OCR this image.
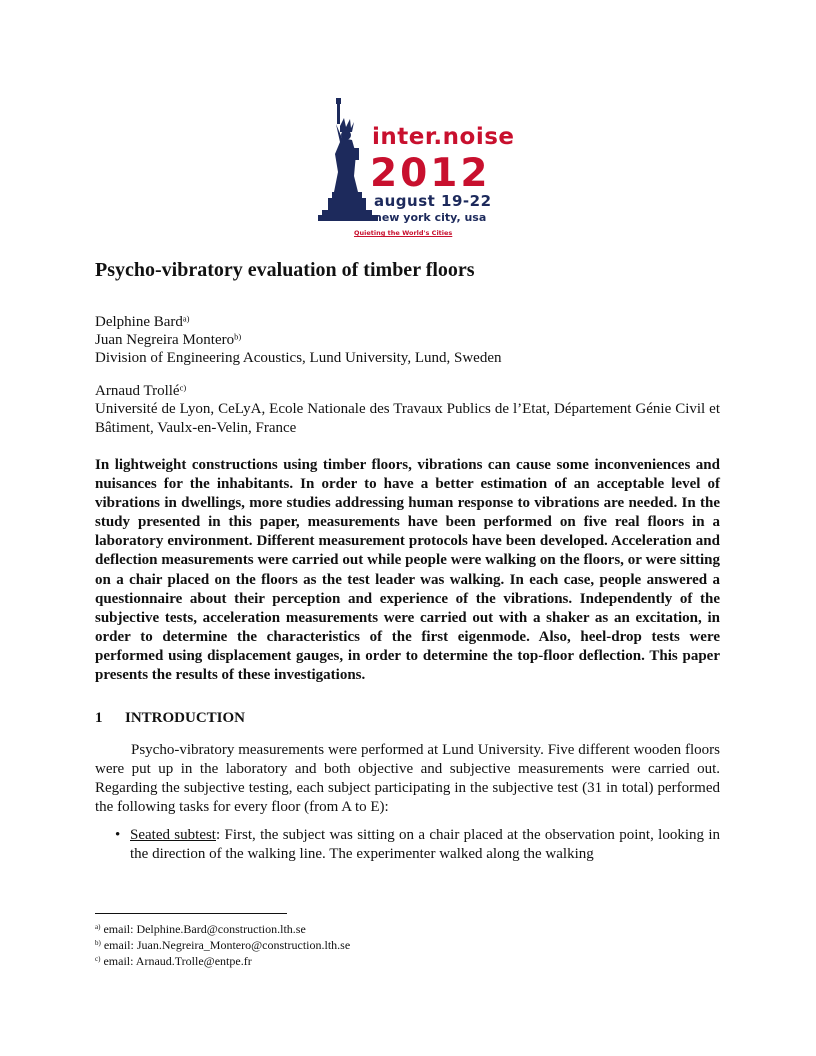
inter.noise
2012
august 19-22
new york city, usa
Quieting the World's Cities
Psycho-vibratory evaluation of timber floors
Delphine Bard$^{a)}$
Juan Negreira Montero$^{b)}$
Division of Engineering Acoustics, Lund University, Lund, Sweden
Arnaud Trollé$^{c)}$
Université de Lyon, CeLyA, Ecole Nationale des Travaux Publics de l’Etat, Département Génie Civil et Bâtiment, Vaulx-en-Velin, France
In lightweight constructions using timber floors, vibrations can cause some inconveniences and nuisances for the inhabitants. In order to have a better estimation of an acceptable level of vibrations in dwellings, more studies addressing human response to vibrations are needed. In the study presented in this paper, measurements have been performed on five real floors in a laboratory environment. Different measurement protocols have been developed. Acceleration and deflection measurements were carried out while people were walking on the floors, or were sitting on a chair placed on the floors as the test leader was walking. In each case, people answered a questionnaire about their perception and experience of the vibrations. Independently of the subjective tests, acceleration measurements were carried out with a shaker as an excitation, in order to determine the characteristics of the first eigenmode. Also, heel-drop tests were performed using displacement gauges, in order to determine the top-floor deflection. This paper presents the results of these investigations.
1 INTRODUCTION
Psycho-vibratory measurements were performed at Lund University. Five different wooden floors were put up in the laboratory and both objective and subjective measurements were carried out. Regarding the subjective testing, each subject participating in the subjective test (31 in total) performed the following tasks for every floor (from A to E):
• Seated subtest: First, the subject was sitting on a chair placed at the observation point, looking in the direction of the walking line. The experimenter walked along the walking
$^{a)}$ email: Delphine.Bard@construction.lth.se
$^{b)}$ email: Juan.Negreira_Montero@construction.lth.se
$^{c)}$ email: Arnaud.Trolle@entpe.fr
